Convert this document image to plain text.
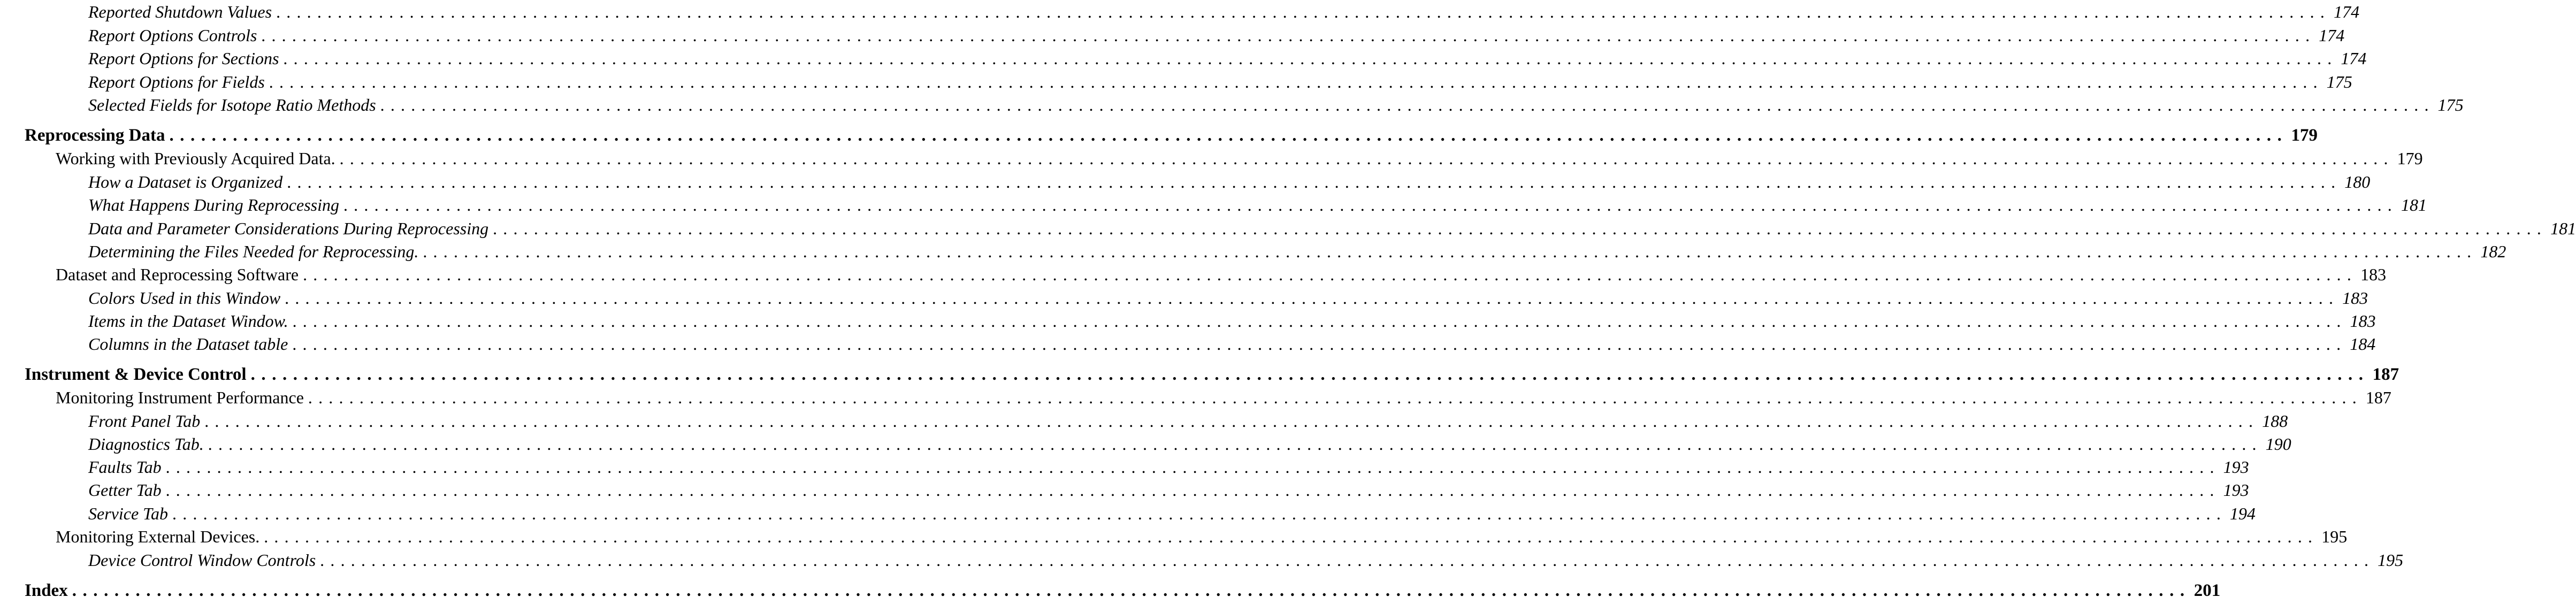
Reported Shutdown Values ........................................................................................................................................................................................................ 174
Report Options Controls ........................................................................................................................................................................................................ 174
Report Options for Sections ........................................................................................................................................................................................................ 174
Report Options for Fields ........................................................................................................................................................................................................ 175
Selected Fields for Isotope Ratio Methods ........................................................................................................................................................................................................ 175
Reprocessing Data ........................................................................................................................................................................................................ 179
Working with Previously Acquired Data. ........................................................................................................................................................................................................ 179
How a Dataset is Organized ........................................................................................................................................................................................................ 180
What Happens During Reprocessing ........................................................................................................................................................................................................ 181
Data and Parameter Considerations During Reprocessing ........................................................................................................................................................................................................ 181
Determining the Files Needed for Reprocessing. ........................................................................................................................................................................................................ 182
Dataset and Reprocessing Software ........................................................................................................................................................................................................ 183
Colors Used in this Window ........................................................................................................................................................................................................ 183
Items in the Dataset Window. ........................................................................................................................................................................................................ 183
Columns in the Dataset table ........................................................................................................................................................................................................ 184
Instrument & Device Control ........................................................................................................................................................................................................ 187
Monitoring Instrument Performance ........................................................................................................................................................................................................ 187
Front Panel Tab ........................................................................................................................................................................................................ 188
Diagnostics Tab. ........................................................................................................................................................................................................ 190
Faults Tab ........................................................................................................................................................................................................ 193
Getter Tab ........................................................................................................................................................................................................ 193
Service Tab ........................................................................................................................................................................................................ 194
Monitoring External Devices. ........................................................................................................................................................................................................ 195
Device Control Window Controls ........................................................................................................................................................................................................ 195
Index ........................................................................................................................................................................................................ 201
